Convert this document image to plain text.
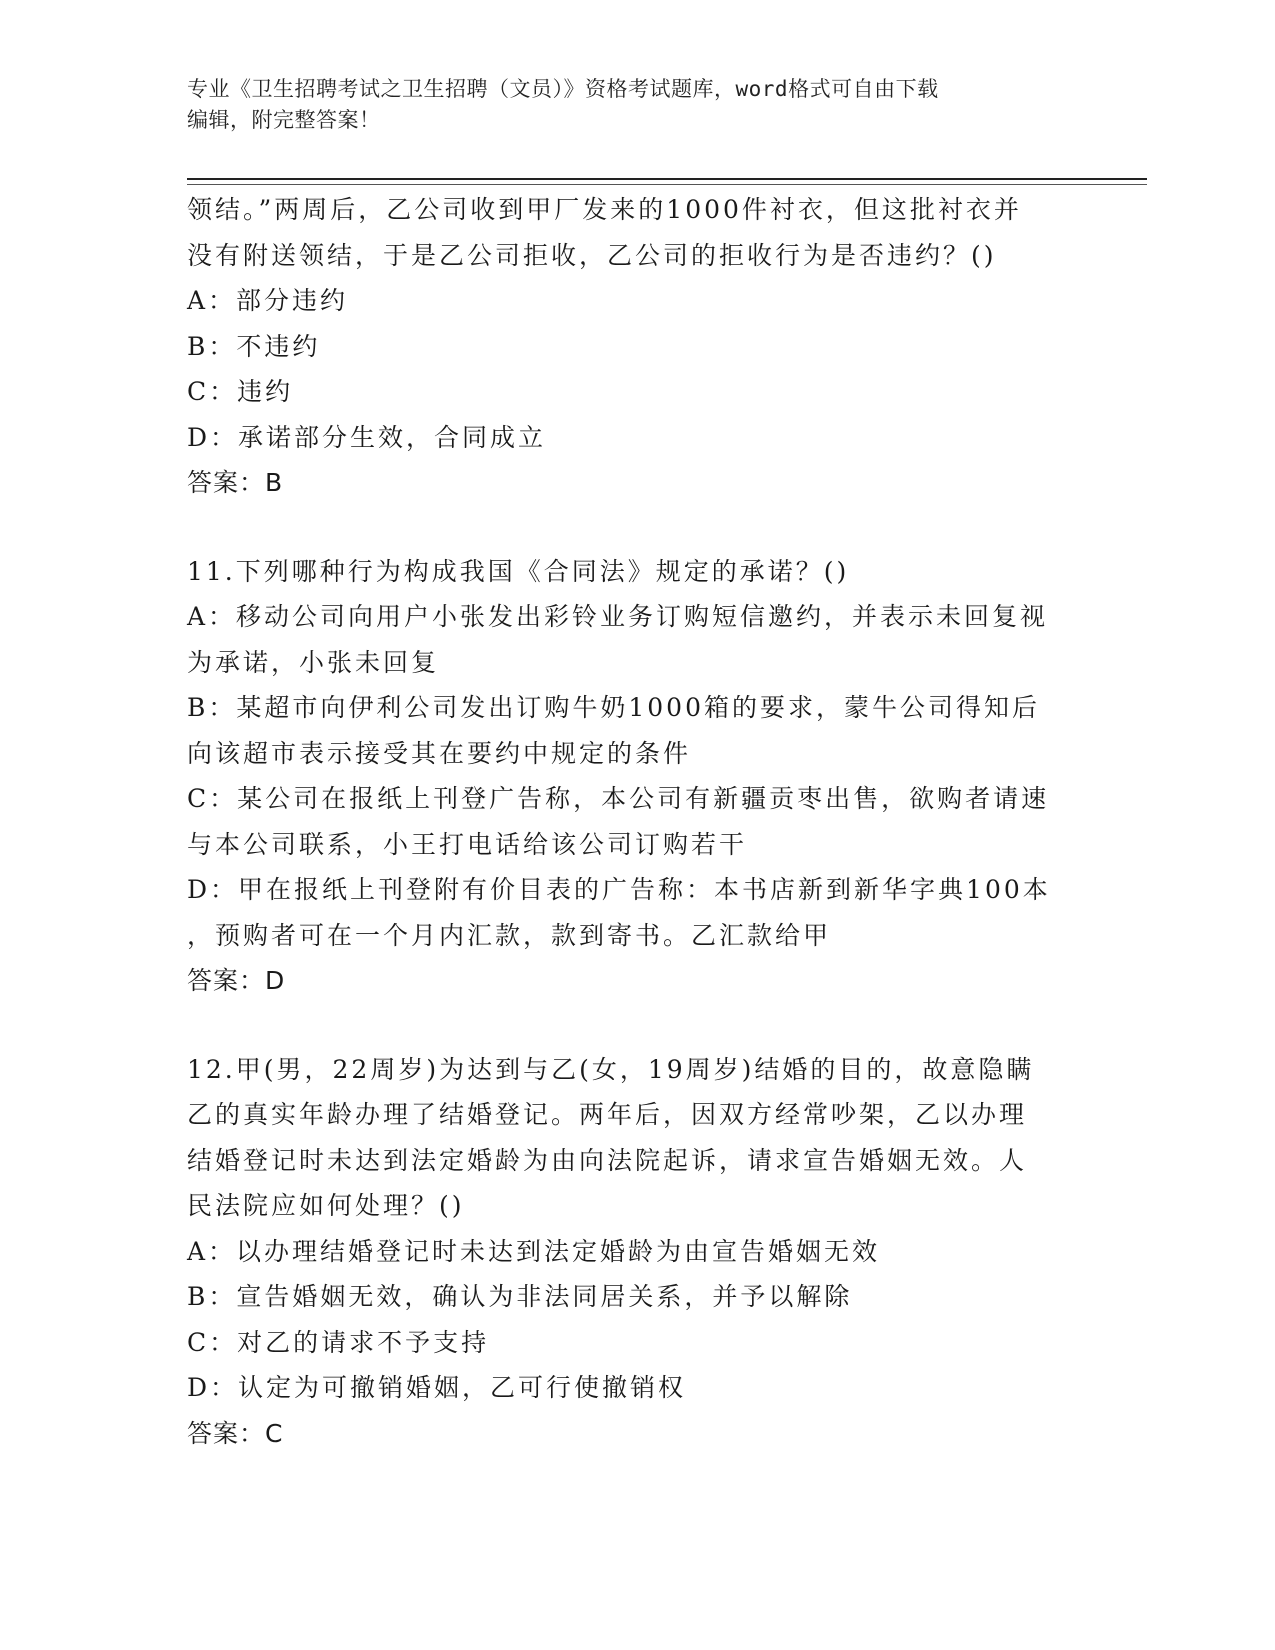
专业《卫生招聘考试之卫生招聘（文员）》资格考试题库，word格式可自由下载
编辑，附完整答案！
领结。”两周后，乙公司收到甲厂发来的1000件衬衣，但这批衬衣并
没有附送领结，于是乙公司拒收，乙公司的拒收行为是否违约？()
A：部分违约
B：不违约
C：违约
D：承诺部分生效，合同成立
答案：B
11.下列哪种行为构成我国《合同法》规定的承诺？()
A：移动公司向用户小张发出彩铃业务订购短信邀约，并表示未回复视
为承诺，小张未回复
B：某超市向伊利公司发出订购牛奶1000箱的要求，蒙牛公司得知后
向该超市表示接受其在要约中规定的条件
C：某公司在报纸上刊登广告称，本公司有新疆贡枣出售，欲购者请速
与本公司联系，小王打电话给该公司订购若干
D：甲在报纸上刊登附有价目表的广告称：本书店新到新华字典100本
，预购者可在一个月内汇款，款到寄书。乙汇款给甲
答案：D
12.甲(男，22周岁)为达到与乙(女，19周岁)结婚的目的，故意隐瞒
乙的真实年龄办理了结婚登记。两年后，因双方经常吵架，乙以办理
结婚登记时未达到法定婚龄为由向法院起诉，请求宣告婚姻无效。人
民法院应如何处理？()
A：以办理结婚登记时未达到法定婚龄为由宣告婚姻无效
B：宣告婚姻无效，确认为非法同居关系，并予以解除
C：对乙的请求不予支持
D：认定为可撤销婚姻，乙可行使撤销权
答案：C
